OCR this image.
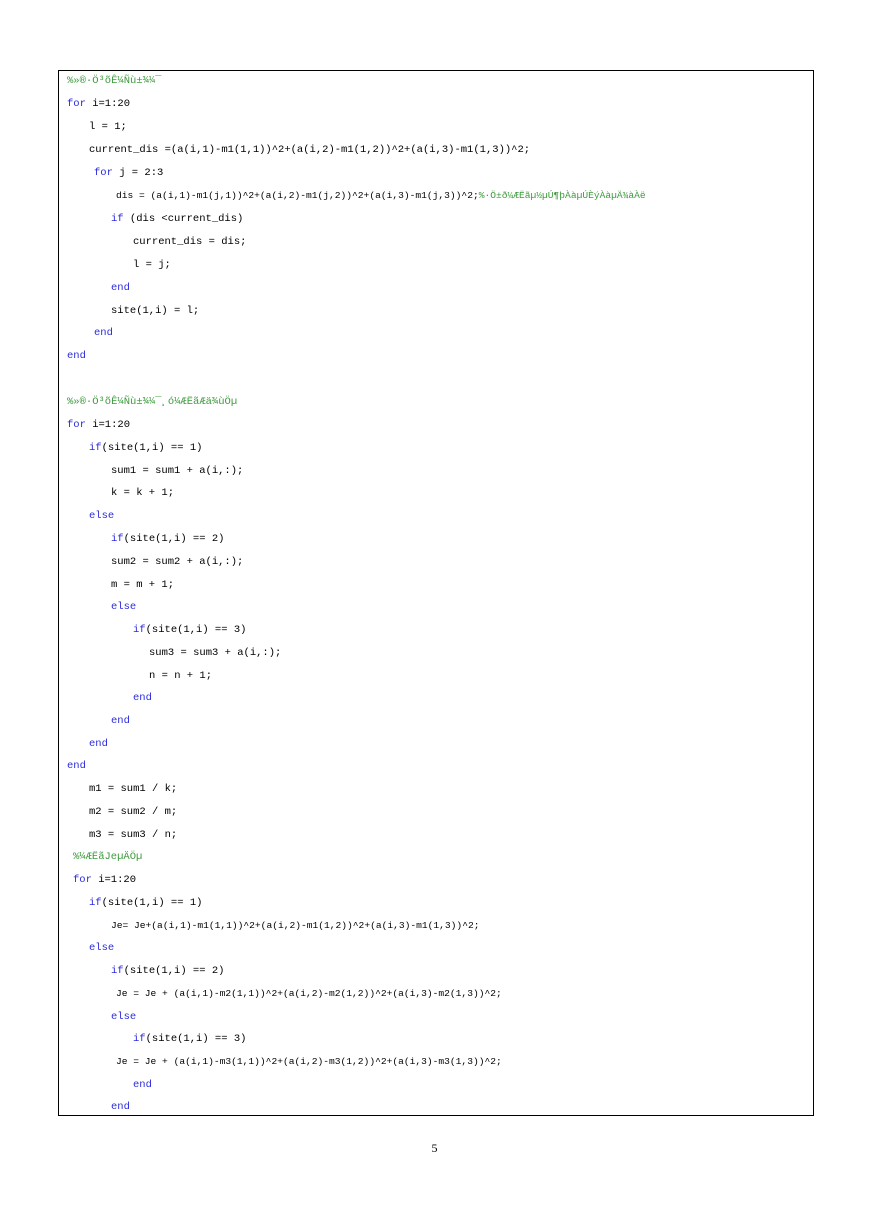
%»®·Ö³õÊ¼Ñù±¾¼¯
for i=1:20
l = 1;
current_dis =(a(i,1)-m1(1,1))^2+(a(i,2)-m1(1,2))^2+(a(i,3)-m1(1,3))^2;
for j = 2:3
dis = (a(i,1)-m1(j,1))^2+(a(i,2)-m1(j,2))^2+(a(i,3)-m1(j,3))^2;%·Ö±ð¼ÆËãµ½µÚ¶þÀàµÚÈýÀàµÄ¾àÀë
if (dis <current_dis)
current_dis = dis;
l = j;
end
site(1,i) = l;
end
end
%»®·Ö³õÊ¼Ñù±¾¼¯¸ó¼ÆËãÆä¾ùÖµ
for i=1:20
if(site(1,i) == 1)
sum1 = sum1 + a(i,:);
k = k + 1;
else
if(site(1,i) == 2)
sum2 = sum2 + a(i,:);
m = m + 1;
else
if(site(1,i) == 3)
sum3 = sum3 + a(i,:);
n = n + 1;
end
end
end
end
m1 = sum1 / k;
m2 = sum2 / m;
m3 = sum3 / n;
%¼ÆËãJeµÄÖµ
for i=1:20
if(site(1,i) == 1)
Je= Je+(a(i,1)-m1(1,1))^2+(a(i,2)-m1(1,2))^2+(a(i,3)-m1(1,3))^2;
else
if(site(1,i) == 2)
Je = Je + (a(i,1)-m2(1,1))^2+(a(i,2)-m2(1,2))^2+(a(i,3)-m2(1,3))^2;
else
if(site(1,i) == 3)
Je = Je + (a(i,1)-m3(1,1))^2+(a(i,2)-m3(1,2))^2+(a(i,3)-m3(1,3))^2;
end
end
5
